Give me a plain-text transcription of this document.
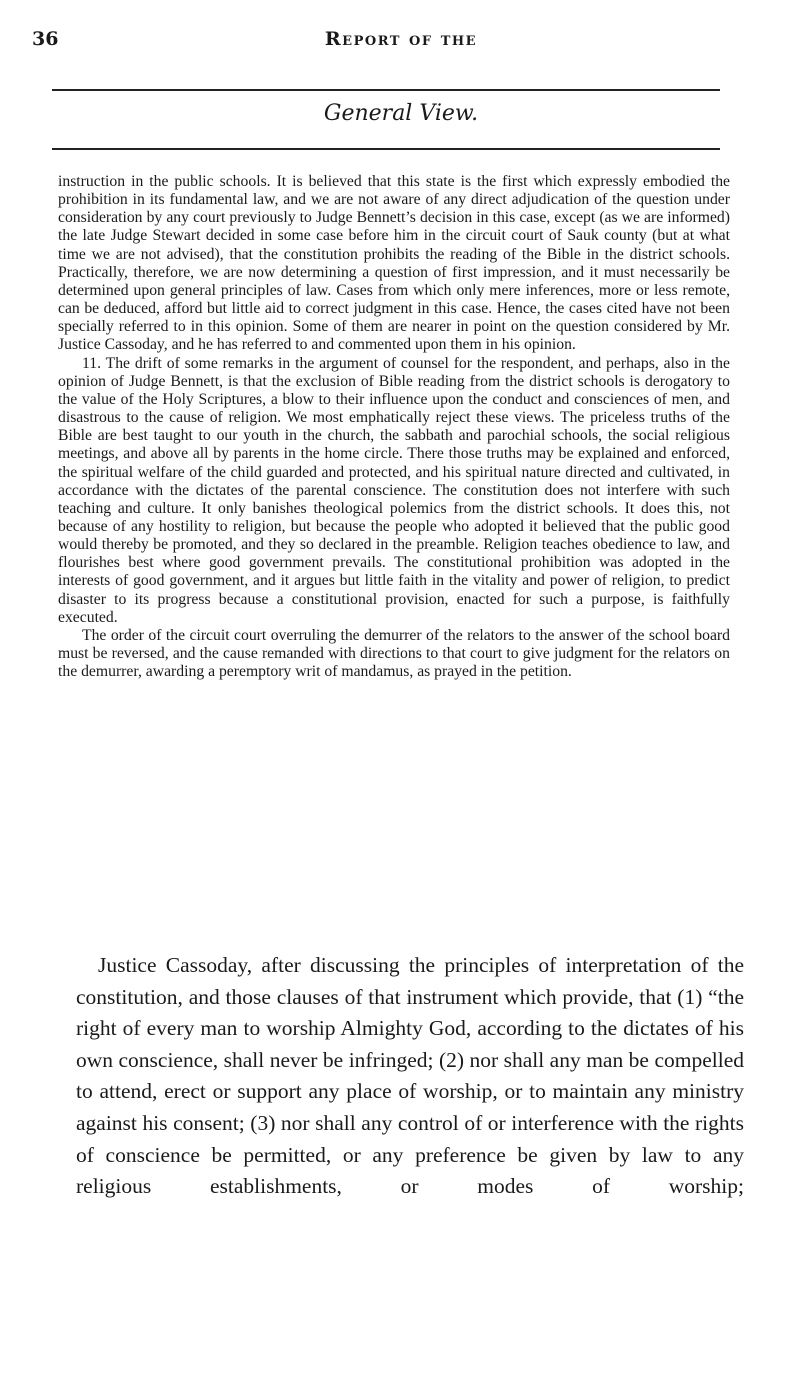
36	Report of the
General View.

instruction in the public schools. It is believed that this state is the first which expressly embodied the prohibition in its fundamental law, and we are not aware of any direct adjudication of the question under consideration by any court previously to Judge Bennett’s decision in this case, except (as we are informed) the late Judge Stewart decided in some case before him in the circuit court of Sauk county (but at what time we are not advised), that the constitution prohibits the reading of the Bible in the district schools. Practically, therefore, we are now determining a question of first impression, and it must necessarily be determined upon general principles of law. Cases from which only mere inferences, more or less remote, can be deduced, afford but little aid to correct judgment in this case. Hence, the cases cited have not been specially referred to in this opinion. Some of them are nearer in point on the question considered by Mr. Justice Cassoday, and he has referred to and commented upon them in his opinion.

11. The drift of some remarks in the argument of counsel for the respondent, and perhaps, also in the opinion of Judge Bennett, is that the exclusion of Bible reading from the district schools is derogatory to the value of the Holy Scriptures, a blow to their influence upon the conduct and consciences of men, and disastrous to the cause of religion. We most emphatically reject these views. The priceless truths of the Bible are best taught to our youth in the church, the sabbath and parochial schools, the social religious meetings, and above all by parents in the home circle. There those truths may be explained and enforced, the spiritual welfare of the child guarded and protected, and his spiritual nature directed and cultivated, in accordance with the dictates of the parental conscience. The constitution does not interfere with such teaching and culture. It only banishes theological polemics from the district schools. It does this, not because of any hostility to religion, but because the people who adopted it believed that the public good would thereby be promoted, and they so declared in the preamble. Religion teaches obedience to law, and flourishes best where good government prevails. The constitutional prohibition was adopted in the interests of good government, and it argues but little faith in the vitality and power of religion, to predict disaster to its progress because a constitutional provision, enacted for such a purpose, is faithfully executed.

The order of the circuit court overruling the demurrer of the relators to the answer of the school board must be reversed, and the cause remanded with directions to that court to give judgment for the relators on the demurrer, awarding a peremptory writ of mandamus, as prayed in the petition.

Justice Cassoday, after discussing the principles of interpretation of the constitution, and those clauses of that instrument which provide, that (1) “the right of every man to worship Almighty God, according to the dictates of his own conscience, shall never be infringed; (2) nor shall any man be compelled to attend, erect or support any place of worship, or to maintain any ministry against his consent; (3) nor shall any control of or interference with the rights of conscience be permitted, or any preference be given by law to any religious establishments, or modes of worship;
